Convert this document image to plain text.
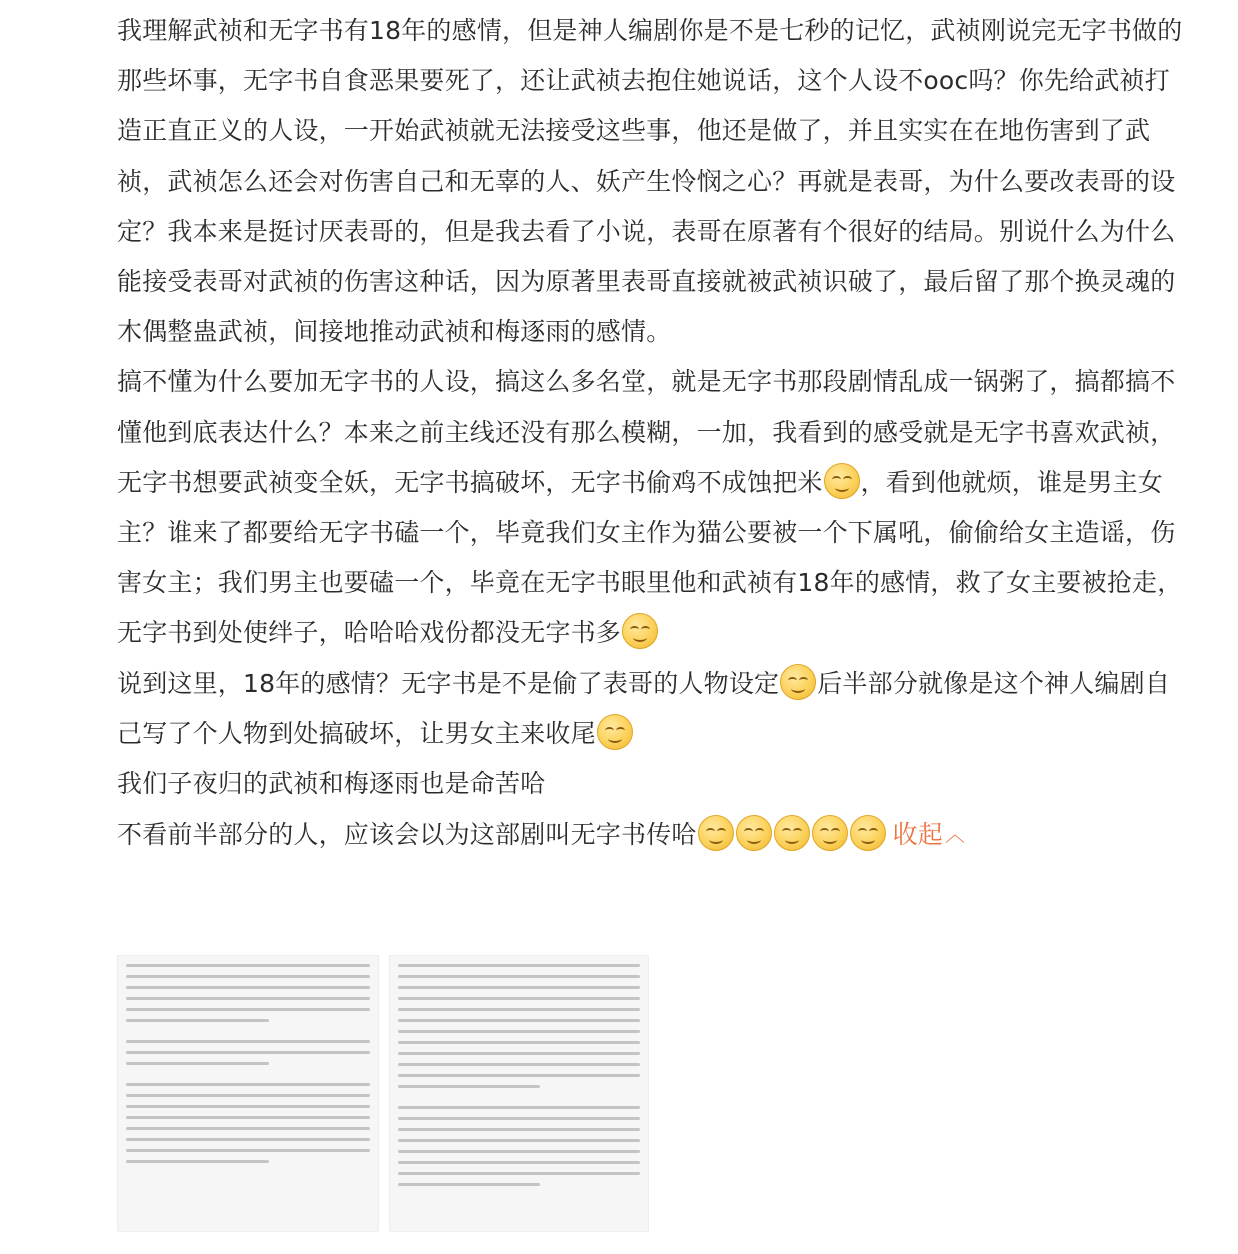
我理解武祯和无字书有18年的感情，但是神人编剧你是不是七秒的记忆，武祯刚说完无字书做的那些坏事，无字书自食恶果要死了，还让武祯去抱住她说话，这个人设不ooc吗？你先给武祯打造正直正义的人设，一开始武祯就无法接受这些事，他还是做了，并且实实在在地伤害到了武祯，武祯怎么还会对伤害自己和无辜的人、妖产生怜悯之心？再就是表哥，为什么要改表哥的设定？我本来是挺讨厌表哥的，但是我去看了小说，表哥在原著有个很好的结局。别说什么为什么能接受表哥对武祯的伤害这种话，因为原著里表哥直接就被武祯识破了，最后留了那个换灵魂的木偶整蛊武祯，间接地推动武祯和梅逐雨的感情。

搞不懂为什么要加无字书的人设，搞这么多名堂，就是无字书那段剧情乱成一锅粥了，搞都搞不懂他到底表达什么？本来之前主线还没有那么模糊，一加，我看到的感受就是无字书喜欢武祯，无字书想要武祯变全妖，无字书搞破坏，无字书偷鸡不成蚀把米 ，看到他就烦，谁是男主女主？谁来了都要给无字书磕一个，毕竟我们女主作为猫公要被一个下属吼，偷偷给女主造谣，伤害女主；我们男主也要磕一个，毕竟在无字书眼里他和武祯有18年的感情，救了女主要被抢走，无字书到处使绊子，哈哈哈戏份都没无字书多

说到这里，18年的感情？无字书是不是偷了表哥的人物设定 后半部分就像是这个神人编剧自己写了个人物到处搞破坏，让男女主来收尾

我们子夜归的武祯和梅逐雨也是命苦哈

不看前半部分的人，应该会以为这部剧叫无字书传哈	收起 ︿
